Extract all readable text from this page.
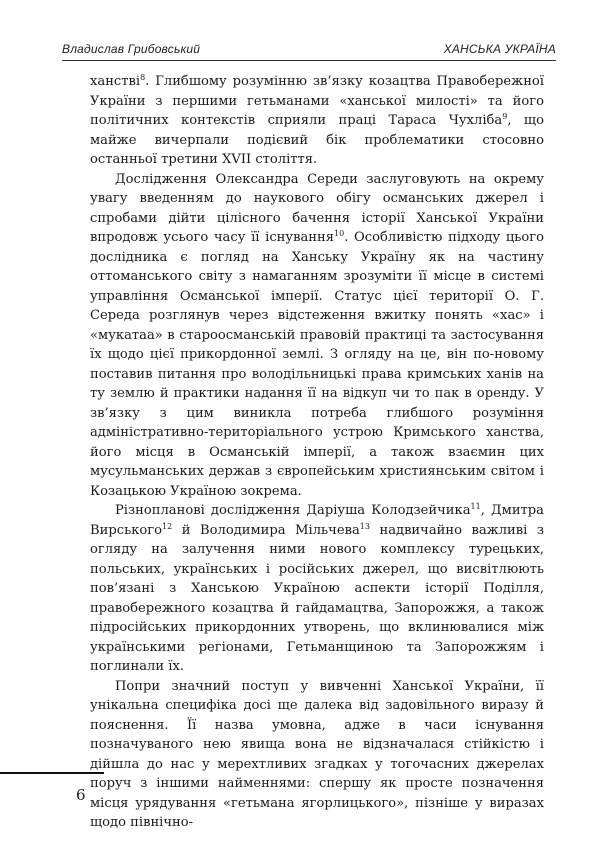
Владислав Грибовський	ХАНСЬКА УКРАЇНА

ханстві$^8$. Глибшому розумінню зв’язку козацтва Правобережної України з першими гетьманами «ханської милості» та його політичних контекстів сприяли праці Тараса Чухліба$^9$, що майже вичерпали подієвий бік проблематики стосовно останньої третини XVII століття.

Дослідження Олександра Середи заслуговують на окрему увагу введенням до наукового обігу османських джерел і спробами дійти цілісного бачення історії Ханської України впродовж усього часу її існування$^{10}$. Особливістю підходу цього дослідника є погляд на Ханську Україну як на частину оттоманського світу з намаганням зрозуміти її місце в системі управління Османської імперії. Статус цієї території О. Г. Середа розглянув через відстеження вжитку понять «хас» і «мукатаа» в староосманській правовій практиці та застосування їх щодо цієї прикордонної землі. З огляду на це, він по-новому поставив питання про володільницькі права кримських ханів на ту землю й практики надання її на відкуп чи то пак в оренду. У зв’язку з цим виникла потреба глибшого розуміння адміністративно-територіального устрою Кримського ханства, його місця в Османській імперії, а також взаємин цих мусульманських держав з європейським християнським світом і Козацькою Україною зокрема.

Різнопланові дослідження Даріуша Колодзейчика$^{11}$, Дмитра Вирського$^{12}$ й Володимира Мільчева$^{13}$ надвичайно важливі з огляду на залучення ними нового комплексу турецьких, польських, українських і російських джерел, що висвітлюють пов’язані з Ханською Україною аспекти історії Поділля, правобережного козацтва й гайдамацтва, Запорожжя, а також підросійських прикордонних утворень, що вклинювалися між українськими регіонами, Гетьманщиною та Запорожжям і поглинали їх.

Попри значний поступ у вивченні Ханської України, її унікальна специфіка досі ще далека від задовільного виразу й пояснення. Її назва умовна, адже в часи існування позначуваного нею явища вона не відзначалася стійкістю і дійшла до нас у мерехтливих згадках у тогочасних джерелах поруч з іншими найменнями: спершу як просте позначення місця урядування «гетьмана ягорлицького», пізніше у виразах щодо північно-

6
